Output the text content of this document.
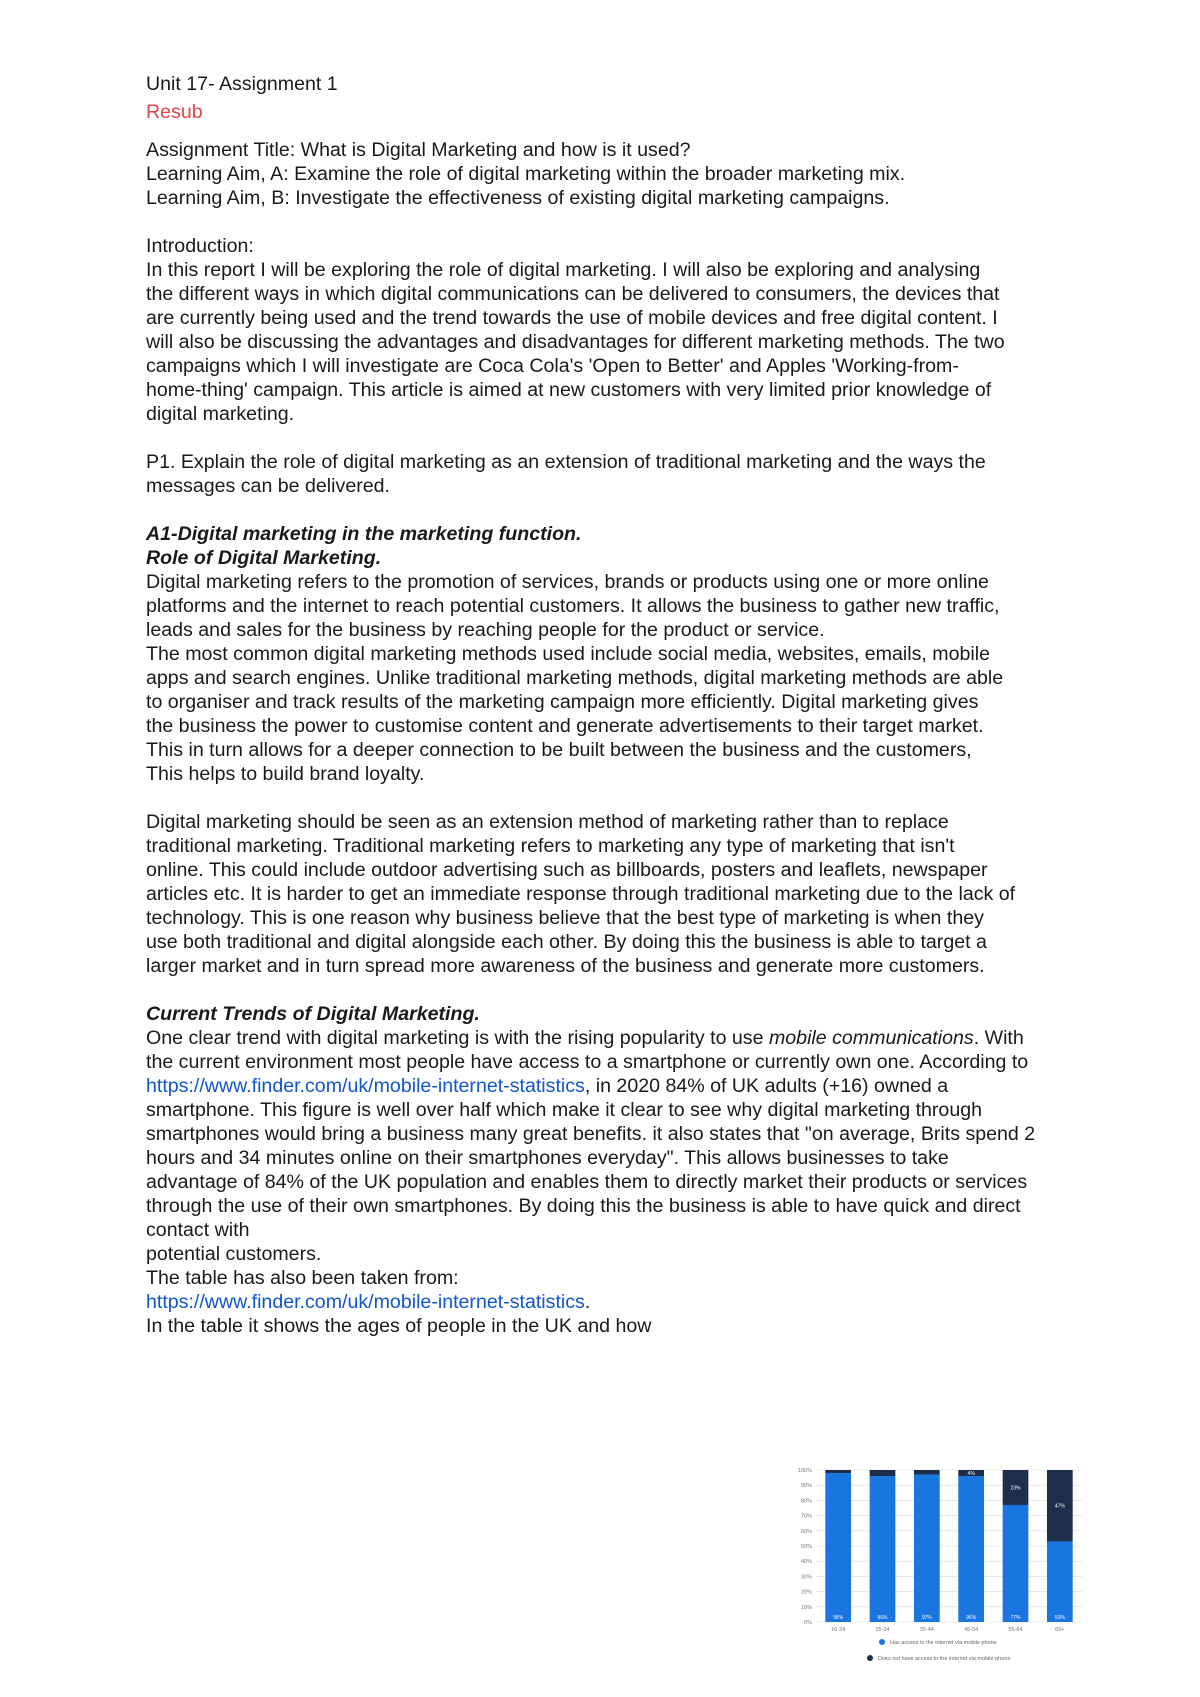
Unit 17- Assignment 1

Resub

Assignment Title: What is Digital Marketing and how is it used?

Learning Aim, A: Examine the role of digital marketing within the broader marketing mix.

Learning Aim, B: Investigate the effectiveness of existing digital marketing campaigns.

Introduction:

In this report I will be exploring the role of digital marketing. I will also be exploring and analysing the different ways in which digital communications can be delivered to consumers, the devices that are currently being used and the trend towards the use of mobile devices and free digital content. I will also be discussing the advantages and disadvantages for different marketing methods. The two campaigns which I will investigate are Coca Cola's 'Open to Better' and Apples 'Working-from-home-thing' campaign. This article is aimed at new customers with very limited prior knowledge of digital marketing.

P1. Explain the role of digital marketing as an extension of traditional marketing and the ways the messages can be delivered.

A1-Digital marketing in the marketing function.

Role of Digital Marketing.

Digital marketing refers to the promotion of services, brands or products using one or more online platforms and the internet to reach potential customers. It allows the business to gather new traffic, leads and sales for the business by reaching people for the product or service.

The most common digital marketing methods used include social media, websites, emails, mobile apps and search engines. Unlike traditional marketing methods, digital marketing methods are able to organiser and track results of the marketing campaign more efficiently. Digital marketing gives the business the power to customise content and generate advertisements to their target market. This in turn allows for a deeper connection to be built between the business and the customers, This helps to build brand loyalty.

Digital marketing should be seen as an extension method of marketing rather than to replace traditional marketing. Traditional marketing refers to marketing any type of marketing that isn't online. This could include outdoor advertising such as billboards, posters and leaflets, newspaper articles etc. It is harder to get an immediate response through traditional marketing due to the lack of technology. This is one reason why business believe that the best type of marketing is when they use both traditional and digital alongside each other. By doing this the business is able to target a larger market and in turn spread more awareness of the business and generate more customers.

Current Trends of Digital Marketing.

One clear trend with digital marketing is with the rising popularity to use mobile communications. With the current environment most people have access to a smartphone or currently own one. According to https://www.finder.com/uk/mobile-internet-statistics, in 2020 84% of UK adults (+16) owned a smartphone. This figure is well over half which make it clear to see why digital marketing through smartphones would bring a business many great benefits. it also states that "on average, Brits spend 2 hours and 34 minutes online on their smartphones everyday". This allows businesses to take advantage of 84% of the UK population and enables them to directly market their products or services through the use of their own smartphones. By doing this the business is able to have quick and direct contact with

potential customers.

The table has also been taken from:

https://www.finder.com/uk/mobile-internet-statistics.

In the table it shows the ages of people in the UK and how

0%
10%
20%
30%
40%
50%
60%
70%
80%
90%
100%
98%
16-24
96%
25-34
97%
35-44
96%
4%
45-54
77%
23%
55-64
53%
47%
65+
Has access to the internet via mobile phone
Does not have access to the internet via mobile phone
